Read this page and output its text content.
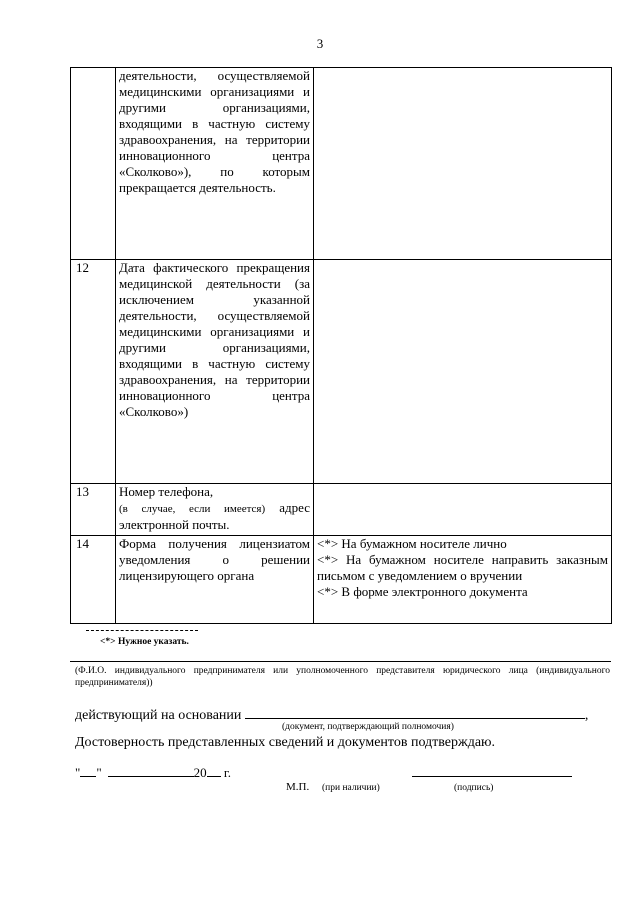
3
	деятельности, осуществляемой медицинскими организациями и другими организациями, входящими в частную систему здравоохранения, на территории инновационного центра «Сколково»), по которым прекращается деятельность.	
12	Дата фактического прекращения медицинской деятельности (за исключением указанной деятельности, осуществляемой медицинскими организациями и другими организациями, входящими в частную систему здравоохранения, на территории инновационного центра «Сколково»)	
13	Номер телефона,
(в случае, если имеется) адрес электронной почты.	
14	Форма получения лицензиатом уведомления о решении лицензирующего органа	<*> На бумажном носителе лично
<*> На бумажном носителе направить заказным письмом с уведомлением о вручении
<*> В форме электронного документа
<*> Нужное указать.
(Ф.И.О. индивидуального предпринимателя или уполномоченного представителя юридического лица (индивидуального предпринимателя))
действующий на основании	,
(документ, подтверждающий полномочия)
Достоверность представленных сведений и документов подтверждаю.
" "	20 г.
М.П. (при наличии)	(подпись)
